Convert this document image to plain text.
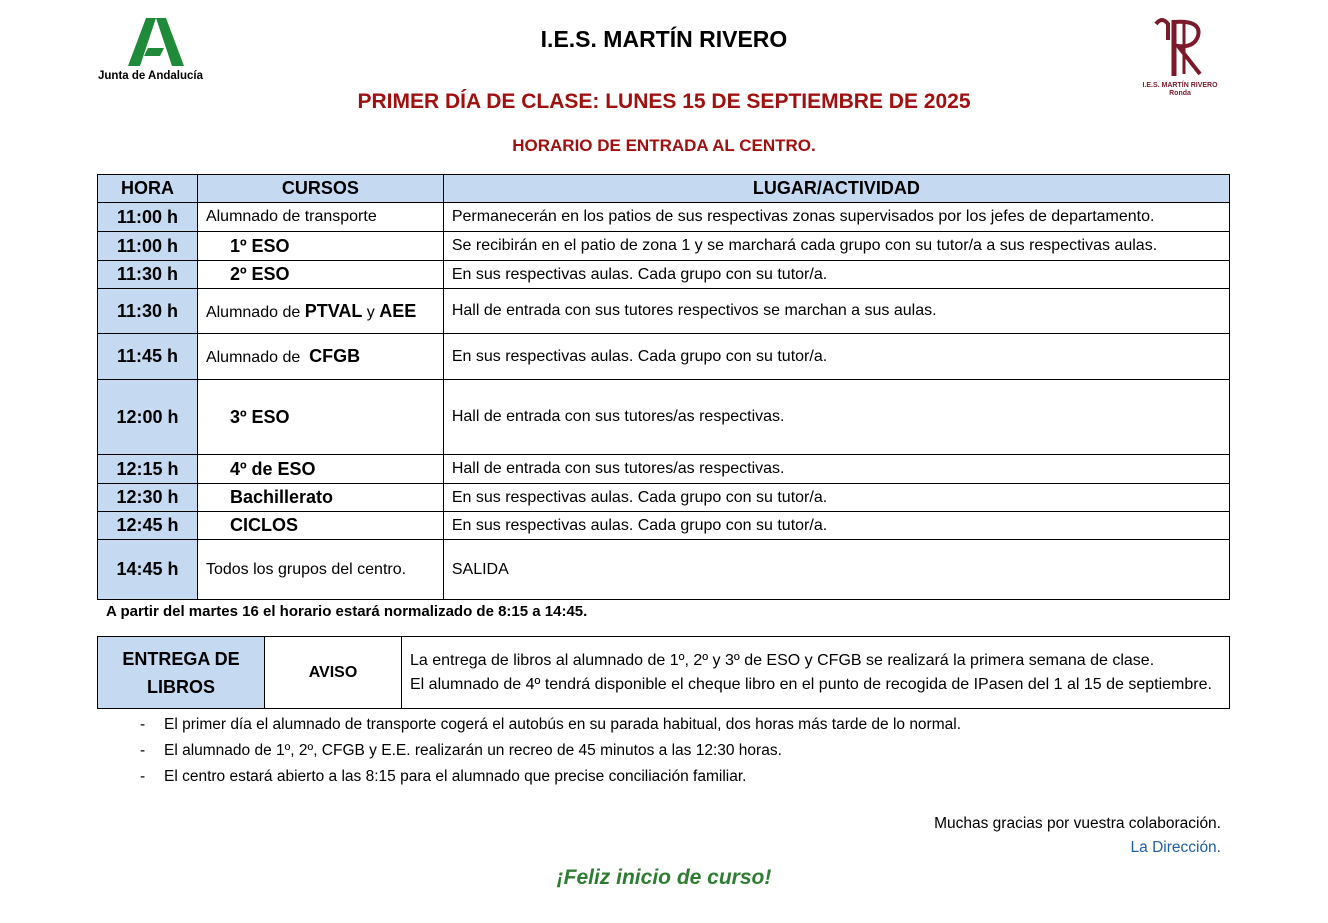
Junta de Andalucía
I.E.S. MARTÍN RIVERO
I.E.S. MARTÍN RIVERO
Ronda
PRIMER DÍA DE CLASE: LUNES 15 DE SEPTIEMBRE DE 2025
HORARIO DE ENTRADA AL CENTRO.
HORA	CURSOS	LUGAR/ACTIVIDAD
11:00 h	Alumnado de transporte	Permanecerán en los patios de sus respectivas zonas supervisados por los jefes de departamento.
11:00 h	1º ESO	Se recibirán en el patio de zona 1 y se marchará cada grupo con su tutor/a a sus respectivas aulas.
11:30 h	2º ESO	En sus respectivas aulas. Cada grupo con su tutor/a.
11:30 h	Alumnado de PTVAL y AEE	Hall de entrada con sus tutores respectivos se marchan a sus aulas.
11:45 h	Alumnado de  CFGB	En sus respectivas aulas. Cada grupo con su tutor/a.
12:00 h	3º ESO	Hall de entrada con sus tutores/as respectivas.
12:15 h	4º de ESO	Hall de entrada con sus tutores/as respectivas.
12:30 h	Bachillerato	En sus respectivas aulas. Cada grupo con su tutor/a.
12:45 h	CICLOS	En sus respectivas aulas. Cada grupo con su tutor/a.
14:45 h	Todos los grupos del centro.	SALIDA
A partir del martes 16 el horario estará normalizado de 8:15 a 14:45.
ENTREGA DE LIBROS	AVISO	
La entrega de libros al alumnado de 1º, 2º y 3º de ESO y CFGB se realizará la primera semana de clase.
El alumnado de 4º tendrá disponible el cheque libro en el punto de recogida de IPasen del 1 al 15 de septiembre.
- El primer día el alumnado de transporte cogerá el autobús en su parada habitual, dos horas más tarde de lo normal.
- El alumnado de 1º, 2º, CFGB y E.E. realizarán un recreo de 45 minutos a las 12:30 horas.
- El centro estará abierto a las 8:15 para el alumnado que precise conciliación familiar.
Muchas gracias por vuestra colaboración.
La Dirección.
¡Feliz inicio de curso!
